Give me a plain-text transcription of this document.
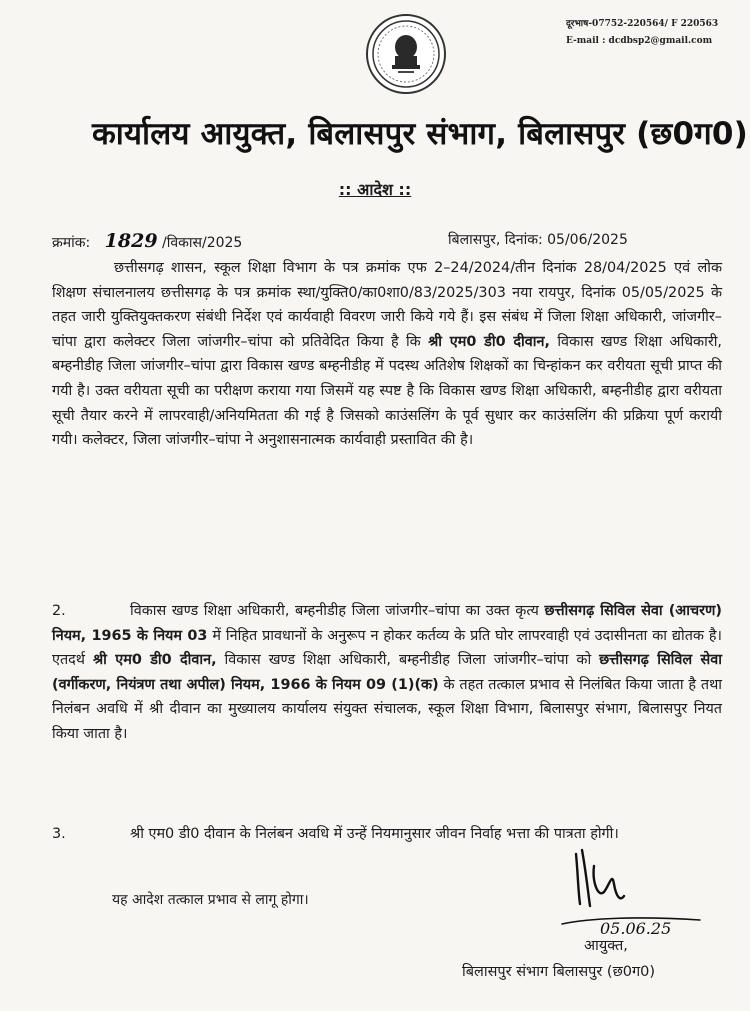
दूरभाष-07752-220564/ F 220563
E-mail : dcdbsp2@gmail.com
कार्यालय आयुक्त, बिलासपुर संभाग, बिलासपुर (छ0ग0)
:: आदेश ::
क्रमांक: 1829 /विकास/2025	बिलासपुर, दिनांक: 05/06/2025
छत्तीसगढ़ शासन, स्कूल शिक्षा विभाग के पत्र क्रमांक एफ 2–24/2024/तीन दिनांक 28/04/2025 एवं लोक शिक्षण संचालनालय छत्तीसगढ़ के पत्र क्रमांक स्था/युक्ति0/का0शा0/83/2025/303 नया रायपुर, दिनांक 05/05/2025 के तहत जारी युक्तियुक्तकरण संबंधी निर्देश एवं कार्यवाही विवरण जारी किये गये हैं। इस संबंध में जिला शिक्षा अधिकारी, जांजगीर–चांपा द्वारा कलेक्टर जिला जांजगीर–चांपा को प्रतिवेदित किया है कि श्री एम0 डी0 दीवान, विकास खण्ड शिक्षा अधिकारी, बम्हनीडीह जिला जांजगीर–चांपा द्वारा विकास खण्ड बम्हनीडीह में पदस्थ अतिशेष शिक्षकों का चिन्हांकन कर वरीयता सूची प्राप्त की गयी है। उक्त वरीयता सूची का परीक्षण कराया गया जिसमें यह स्पष्ट है कि विकास खण्ड शिक्षा अधिकारी, बम्हनीडीह द्वारा वरीयता सूची तैयार करने में लापरवाही/अनियमितता की गई है जिसको काउंसलिंग के पूर्व सुधार कर काउंसलिंग की प्रक्रिया पूर्ण करायी गयी। कलेक्टर, जिला जांजगीर–चांपा ने अनुशासनात्मक कार्यवाही प्रस्तावित की है।
2.	विकास खण्ड शिक्षा अधिकारी, बम्हनीडीह जिला जांजगीर–चांपा का उक्त कृत्य छत्तीसगढ़ सिविल सेवा (आचरण) नियम, 1965 के नियम 03 में निहित प्रावधानों के अनुरूप न होकर कर्तव्य के प्रति घोर लापरवाही एवं उदासीनता का द्योतक है। एतदर्थ श्री एम0 डी0 दीवान, विकास खण्ड शिक्षा अधिकारी, बम्हनीडीह जिला जांजगीर–चांपा को छत्तीसगढ़ सिविल सेवा (वर्गीकरण, नियंत्रण तथा अपील) नियम, 1966 के नियम 09 (1)(क) के तहत तत्काल प्रभाव से निलंबित किया जाता है तथा निलंबन अवधि में श्री दीवान का मुख्यालय कार्यालय संयुक्त संचालक, स्कूल शिक्षा विभाग, बिलासपुर संभाग, बिलासपुर नियत किया जाता है।
3.	श्री एम0 डी0 दीवान के निलंबन अवधि में उन्हें नियमानुसार जीवन निर्वाह भत्ता की पात्रता होगी।
यह आदेश तत्काल प्रभाव से लागू होगा।
05.06.25
आयुक्त,
बिलासपुर संभाग बिलासपुर (छ0ग0)
